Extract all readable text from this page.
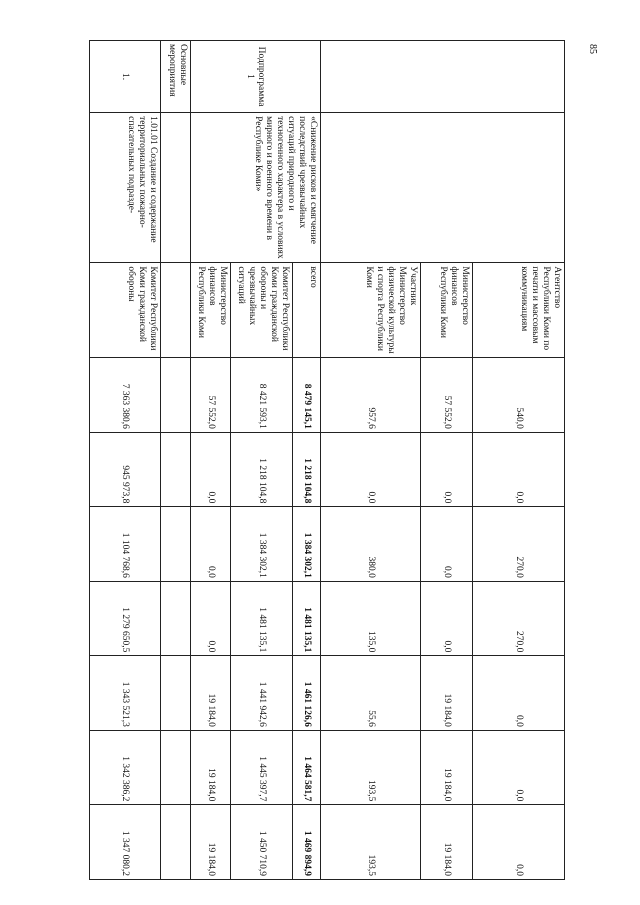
85
		Агентство Республики Коми по печати и массовым коммуникациям	540,0	0,0	270,0	270,0	0,0	0,0	0,0
		Министерство финансов Республики Коми	57 552,0	0,0	0,0	0,0	19 184,0	19 184,0	19 184,0
		Участник Министерство физической культуры и спорта Республики Коми	957,6	0,0	380,0	135,0	55,6	193,5	193,5
Подпрограмма 1	«Снижение рисков и смягчение последствий чрезвычайных ситуаций природного и техногенного характера в условиях мирного и военного времени в Республике Коми»	всего	8 479 145,1	1 218 104,8	1 384 302,1	1 481 135,1	1 461 126,6	1 464 581,7	1 469 894,9
		Комитет Республики Коми гражданской обороны и чрезвычайных ситуаций	8 421 593,1	1 218 104,8	1 384 302,1	1 481 135,1	1 441 942,6	1 445 397,7	1 450 710,9
		Министерство финансов Республики Коми	57 552,0	0,0	0,0	0,0	19 184,0	19 184,0	19 184,0
Основные мероприятия									
1.	1.01.01 Создание и содержание территориальных пожарно-спасательных подразде-	Комитет Республики Коми гражданской обороны	7 363 380,6	945 973,8	1 104 768,6	1 279 650,5	1 343 521,3	1 342 386,2	1 347 080,2
